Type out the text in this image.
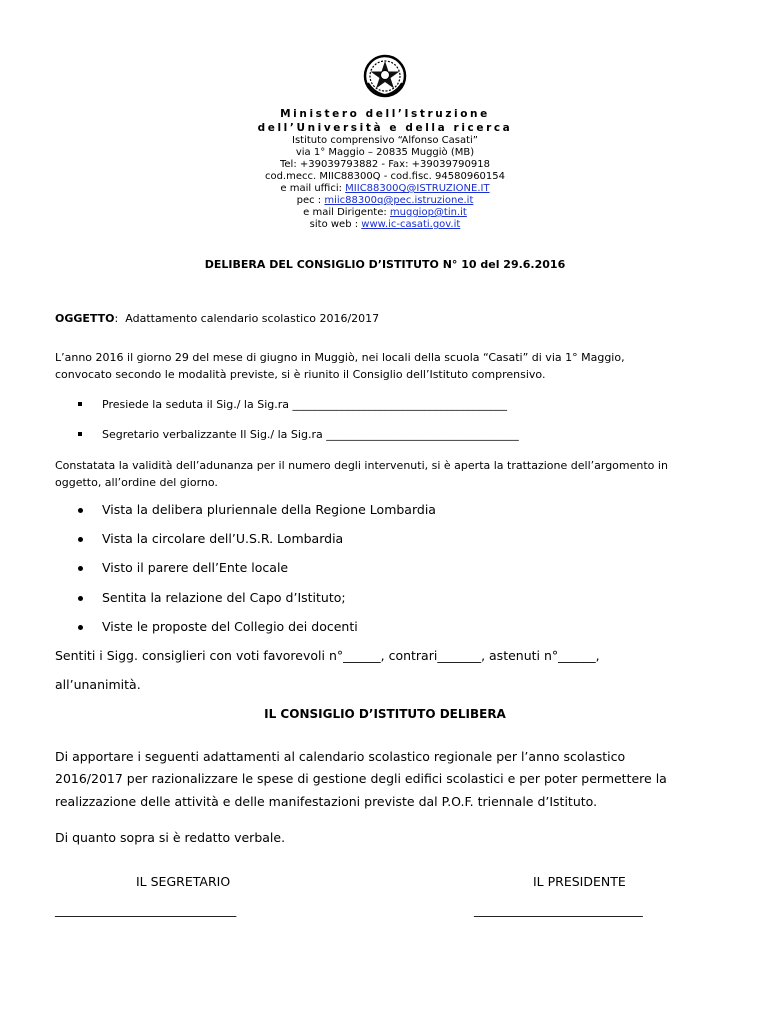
Ministero dell’Istruzione
dell’Università e della ricerca
Istituto comprensivo “Alfonso Casati”
via 1° Maggio – 20835 Muggiò (MB)
Tel: +39039793882 - Fax: +39039790918
cod.mecc. MIIC88300Q - cod.fisc. 94580960154
e mail uffici: MIIC88300Q@ISTRUZIONE.IT
pec : miic88300q@pec.istruzione.it
e mail Dirigente: muggiop@tin.it
sito web : www.ic-casati.gov.it
DELIBERA DEL CONSIGLIO D’ISTITUTO N° 10 del 29.6.2016
OGGETTO: Adattamento calendario scolastico 2016/2017
L’anno 2016 il giorno 29 del mese di giugno in Muggiò, nei locali della scuola “Casati” di via 1° Maggio,
convocato secondo le modalità previste, si è riunito il Consiglio dell’Istituto comprensivo.
Presiede la seduta il Sig./ la Sig.ra _______________________________________
Segretario verbalizzante Il Sig./ la Sig.ra ___________________________________
Constatata la validità dell’adunanza per il numero degli intervenuti, si è aperta la trattazione dell’argomento in
oggetto, all’ordine del giorno.
Vista la delibera pluriennale della Regione Lombardia
Vista la circolare dell’U.S.R. Lombardia
Visto il parere dell’Ente locale
Sentita la relazione del Capo d’Istituto;
Viste le proposte del Collegio dei docenti
Sentiti i Sigg. consiglieri con voti favorevoli n°______, contrari_______, astenuti n°______,
all’unanimità.
IL CONSIGLIO D’ISTITUTO DELIBERA
Di apportare i seguenti adattamenti al calendario scolastico regionale per l’anno scolastico
2016/2017 per razionalizzare le spese di gestione degli edifici scolastici e per poter permettere la
realizzazione delle attività e delle manifestazioni previste dal P.O.F. triennale d’Istituto.
Di quanto sopra si è redatto verbale.
IL SEGRETARIO	IL PRESIDENTE
_____________________________	___________________________
